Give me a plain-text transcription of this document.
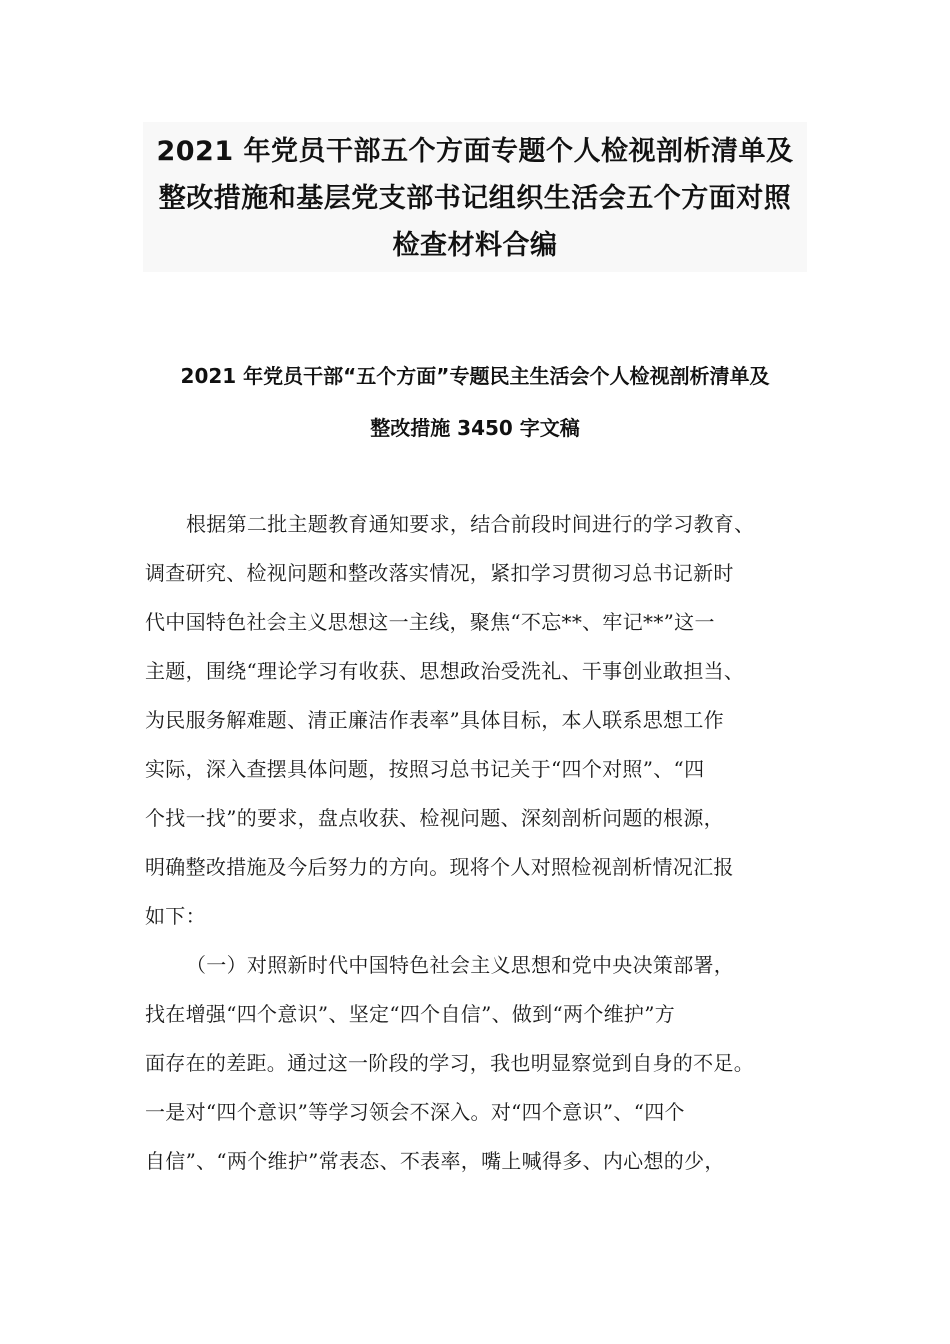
2021 年党员干部五个方面专题个人检视剖析清单及
整改措施和基层党支部书记组织生活会五个方面对照
检查材料合编
2021 年党员干部“五个方面”专题民主生活会个人检视剖析清单及
整改措施 3450 字文稿
根据第二批主题教育通知要求，结合前段时间进行的学习教育、
调查研究、检视问题和整改落实情况，紧扣学习贯彻习总书记新时
代中国特色社会主义思想这一主线，聚焦“不忘**、牢记**”这一
主题，围绕“理论学习有收获、思想政治受洗礼、干事创业敢担当、
为民服务解难题、清正廉洁作表率”具体目标，本人联系思想工作
实际，深入查摆具体问题，按照习总书记关于“四个对照”、“四
个找一找”的要求，盘点收获、检视问题、深刻剖析问题的根源，
明确整改措施及今后努力的方向。现将个人对照检视剖析情况汇报
如下：
（一）对照新时代中国特色社会主义思想和党中央决策部署，
找在增强“四个意识”、坚定“四个自信”、做到“两个维护”方
面存在的差距。通过这一阶段的学习，我也明显察觉到自身的不足。
一是对“四个意识”等学习领会不深入。对“四个意识”、“四个
自信”、“两个维护”常表态、不表率，嘴上喊得多、内心想的少，
